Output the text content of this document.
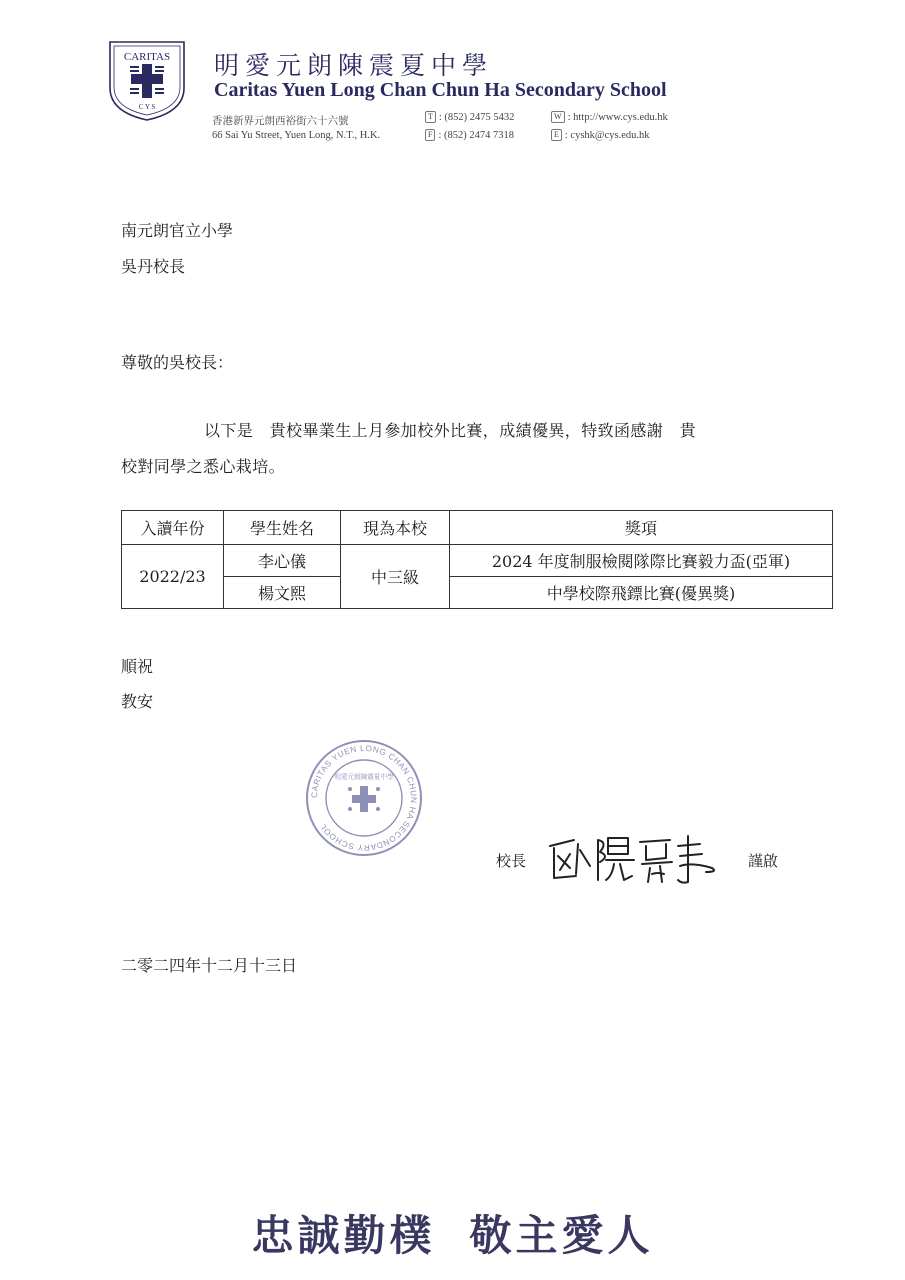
CARITAS
C Y S
明愛元朗陳震夏中學
Caritas Yuen Long Chan Chun Ha Secondary School
香港新界元朗西裕街六十六號
66 Sai Yu Street, Yuen Long, N.T., H.K.
T : (852) 2475 5432
F : (852) 2474 7318
W : http://www.cys.edu.hk
E : cyshk@cys.edu.hk
南元朗官立小學
吳丹校長
尊敬的吳校長：
以下是　貴校畢業生上月參加校外比賽，成績優異，特致函感謝　貴
校對同學之悉心栽培。
入讀年份	學生姓名	現為本校	獎項
2022/23	李心儀	中三級	2024 年度制服檢閱隊際比賽毅力盃(亞軍)
	楊文熙		中學校際飛鏢比賽(優異獎)
順祝
教安
CARITAS YUEN LONG CHAN CHUN HA SECONDARY SCHOOL
明愛元朗陳震夏中學
校長	謹啟
二零二四年十二月十三日
忠誠勤樸 敬主愛人
